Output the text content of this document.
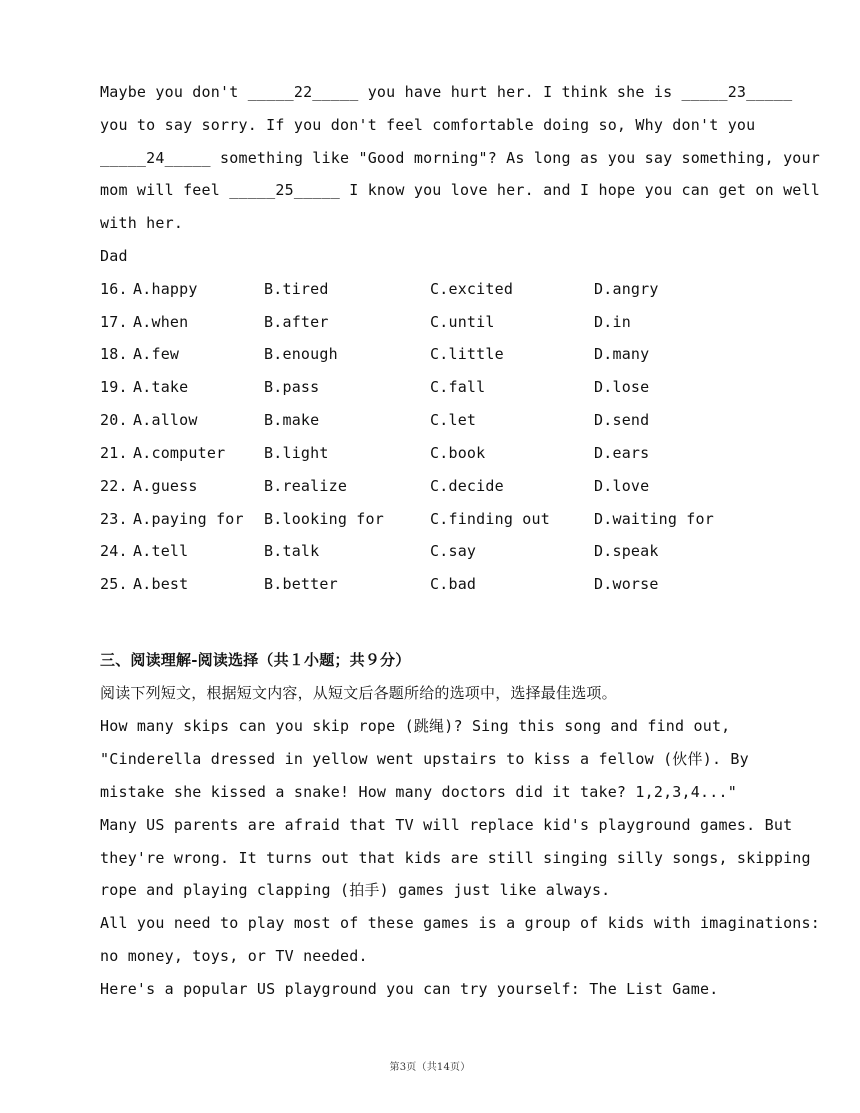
Maybe you don't _____22_____ you have hurt her. I think she is _____23_____
you to say sorry. If you don't feel comfortable doing so, Why don't you
_____24_____ something like "Good morning"? As long as you say something, your
mom will feel _____25_____ I know you love her. and I hope you can get on well
with her.
Dad
16. A.happy	B.tired	C.excited	D.angry
17. A.when	B.after	C.until	D.in
18. A.few	B.enough	C.little	D.many
19. A.take	B.pass	C.fall	D.lose
20. A.allow	B.make	C.let	D.send
21. A.computer	B.light	C.book	D.ears
22. A.guess	B.realize	C.decide	D.love
23. A.paying for B.looking for	C.finding out	D.waiting for
24. A.tell	B.talk	C.say	D.speak
25. A.best	B.better	C.bad	D.worse
三、阅读理解-阅读选择（共１小题；共９分）
阅读下列短文，根据短文内容，从短文后各题所给的选项中，选择最佳选项。
How many skips can you skip rope (跳绳)? Sing this song and find out,
"Cinderella dressed in yellow went upstairs to kiss a fellow (伙伴). By
mistake she kissed a snake! How many doctors did it take? 1,2,3,4..."
Many US parents are afraid that TV will replace kid's playground games. But
they're wrong. It turns out that kids are still singing silly songs, skipping
rope and playing clapping (拍手) games just like always.
All you need to play most of these games is a group of kids with imaginations:
no money, toys, or TV needed.
Here's a popular US playground you can try yourself: The List Game.
第3页（共14页）
